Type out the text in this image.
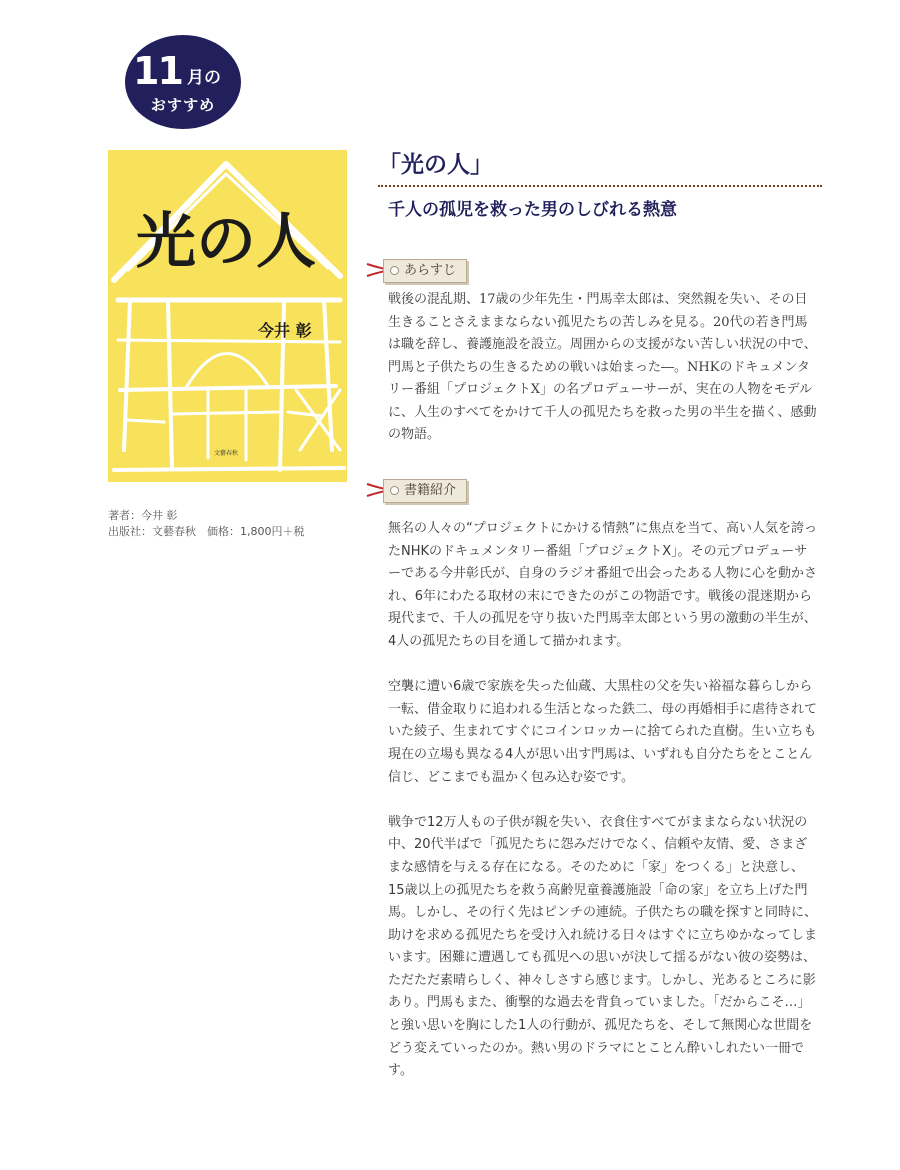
11 月の
おすすめ
光の人
今井 彰
文藝春秋
著者：今井 彰
出版社：文藝春秋　価格：1,800円＋税
「光の人」
千人の孤児を救った男のしびれる熱意
あらすじ
戦後の混乱期、17歳の少年先生・門馬幸太郎は、突然親を失い、その日生きることさえままならない孤児たちの苦しみを見る。20代の若き門馬は職を辞し、養護施設を設立。周囲からの支援がない苦しい状況の中で、門馬と子供たちの生きるための戦いは始まった―。NHKのドキュメンタリー番組「プロジェクトX」の名プロデューサーが、実在の人物をモデルに、人生のすべてをかけて千人の孤児たちを救った男の半生を描く、感動の物語。
書籍紹介

無名の人々の“プロジェクトにかける情熱”に焦点を当て、高い人気を誇ったNHKのドキュメンタリー番組「プロジェクトX」。その元プロデューサーである今井彰氏が、自身のラジオ番組で出会ったある人物に心を動かされ、6年にわたる取材の末にできたのがこの物語です。戦後の混迷期から現代まで、千人の孤児を守り抜いた門馬幸太郎という男の激動の半生が、4人の孤児たちの目を通して描かれます。

空襲に遭い6歳で家族を失った仙蔵、大黒柱の父を失い裕福な暮らしから一転、借金取りに追われる生活となった鉄二、母の再婚相手に虐待されていた綾子、生まれてすぐにコインロッカーに捨てられた直樹。生い立ちも現在の立場も異なる4人が思い出す門馬は、いずれも自分たちをとことん信じ、どこまでも温かく包み込む姿です。

戦争で12万人もの子供が親を失い、衣食住すべてがままならない状況の中、20代半ばで「孤児たちに怨みだけでなく、信頼や友情、愛、さまざまな感情を与える存在になる。そのために「家」をつくる」と決意し、15歳以上の孤児たちを救う高齢児童養護施設「命の家」を立ち上げた門馬。しかし、その行く先はピンチの連続。子供たちの職を探すと同時に、助けを求める孤児たちを受け入れ続ける日々はすぐに立ちゆかなってしまいます。困難に遭遇しても孤児への思いが決して揺るがない彼の姿勢は、ただただ素晴らしく、神々しさすら感じます。しかし、光あるところに影あり。門馬もまた、衝撃的な過去を背負っていました。「だからこそ…」と強い思いを胸にした1人の行動が、孤児たちを、そして無関心な世間をどう変えていったのか。熱い男のドラマにとことん酔いしれたい一冊です。
